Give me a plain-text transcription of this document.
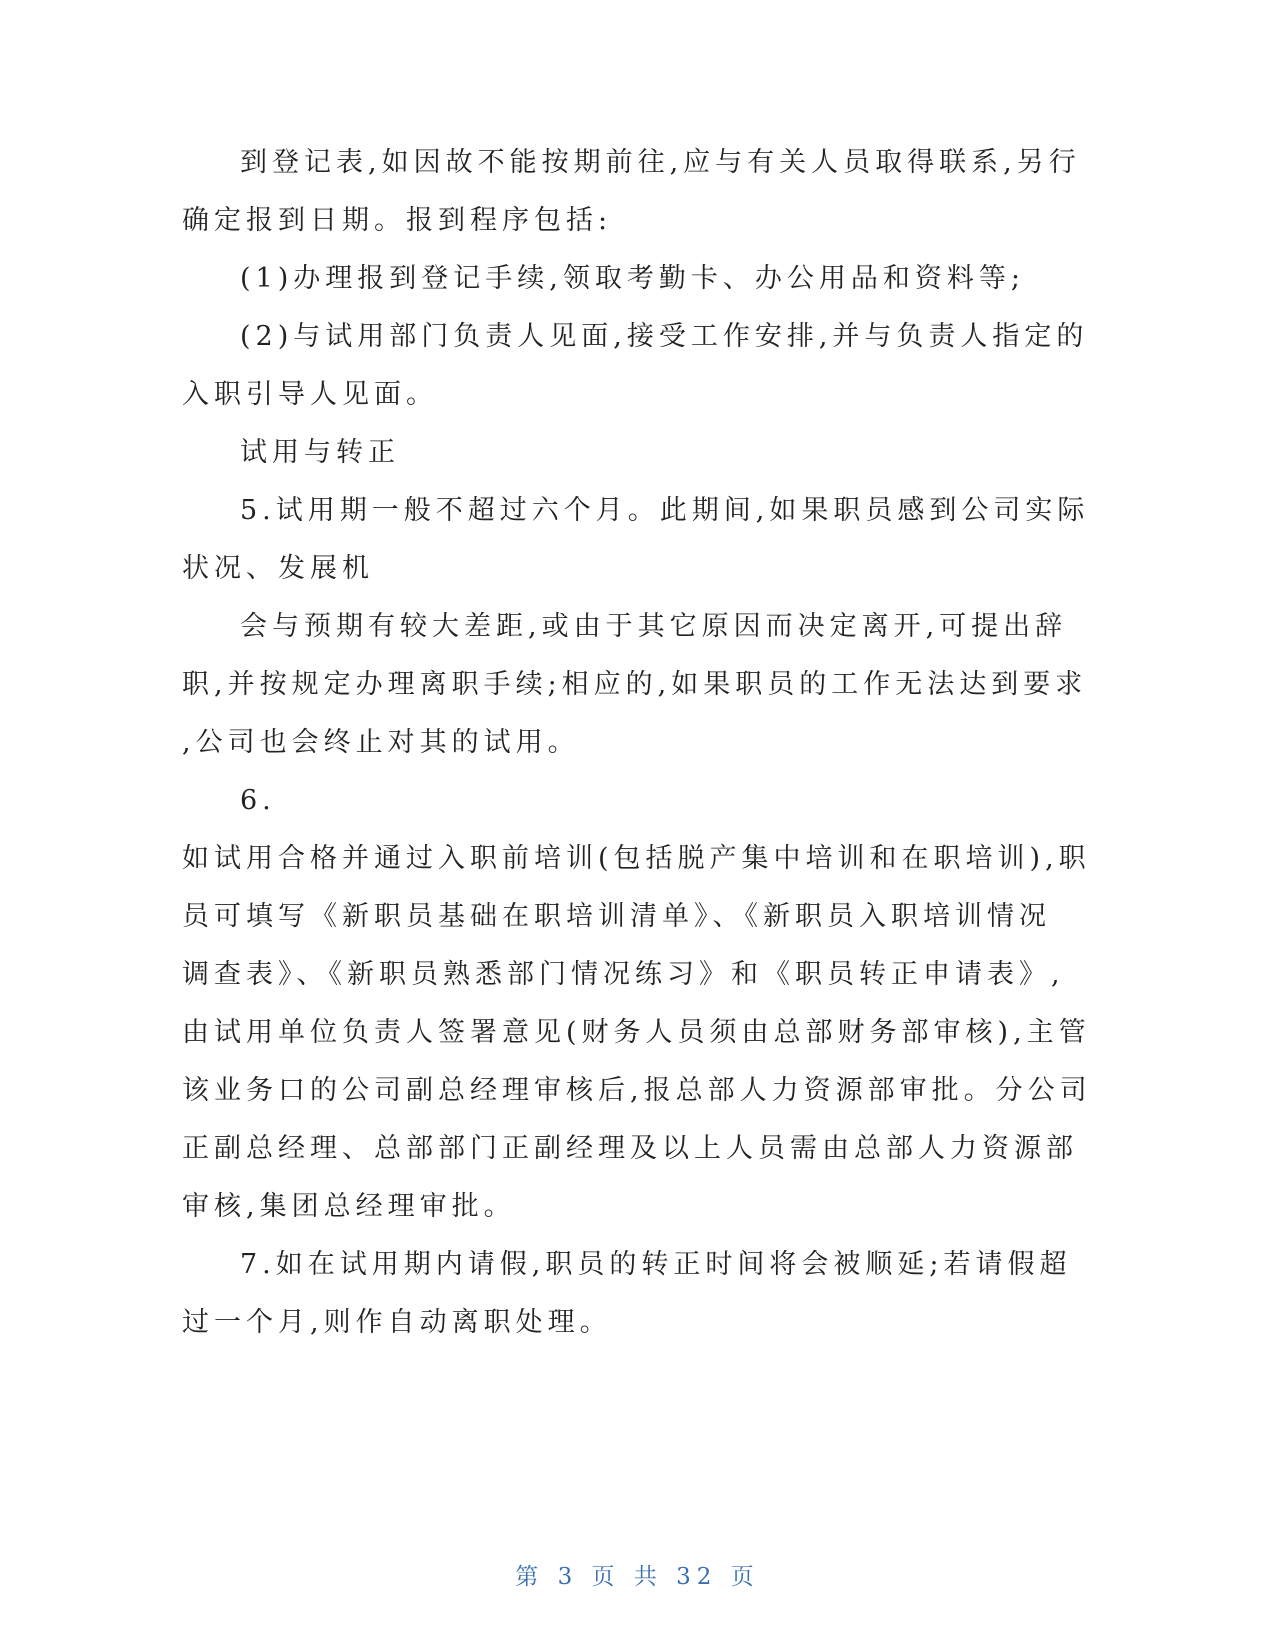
到登记表,如因故不能按期前往,应与有关人员取得联系,另行
确定报到日期。报到程序包括:
(1)办理报到登记手续,领取考勤卡、办公用品和资料等;
(2)与试用部门负责人见面,接受工作安排,并与负责人指定的
入职引导人见面。
试用与转正
5.试用期一般不超过六个月。此期间,如果职员感到公司实际
状况、发展机
会与预期有较大差距,或由于其它原因而决定离开,可提出辞
职,并按规定办理离职手续;相应的,如果职员的工作无法达到要求
,公司也会终止对其的试用。
6.
如试用合格并通过入职前培训(包括脱产集中培训和在职培训),职
员可填写《新职员基础在职培训清单》、《新职员入职培训情况
调查表》、《新职员熟悉部门情况练习》和《职员转正申请表》,
由试用单位负责人签署意见(财务人员须由总部财务部审核),主管
该业务口的公司副总经理审核后,报总部人力资源部审批。分公司
正副总经理、总部部门正副经理及以上人员需由总部人力资源部
审核,集团总经理审批。
7.如在试用期内请假,职员的转正时间将会被顺延;若请假超
过一个月,则作自动离职处理。
第 3 页 共 32 页
